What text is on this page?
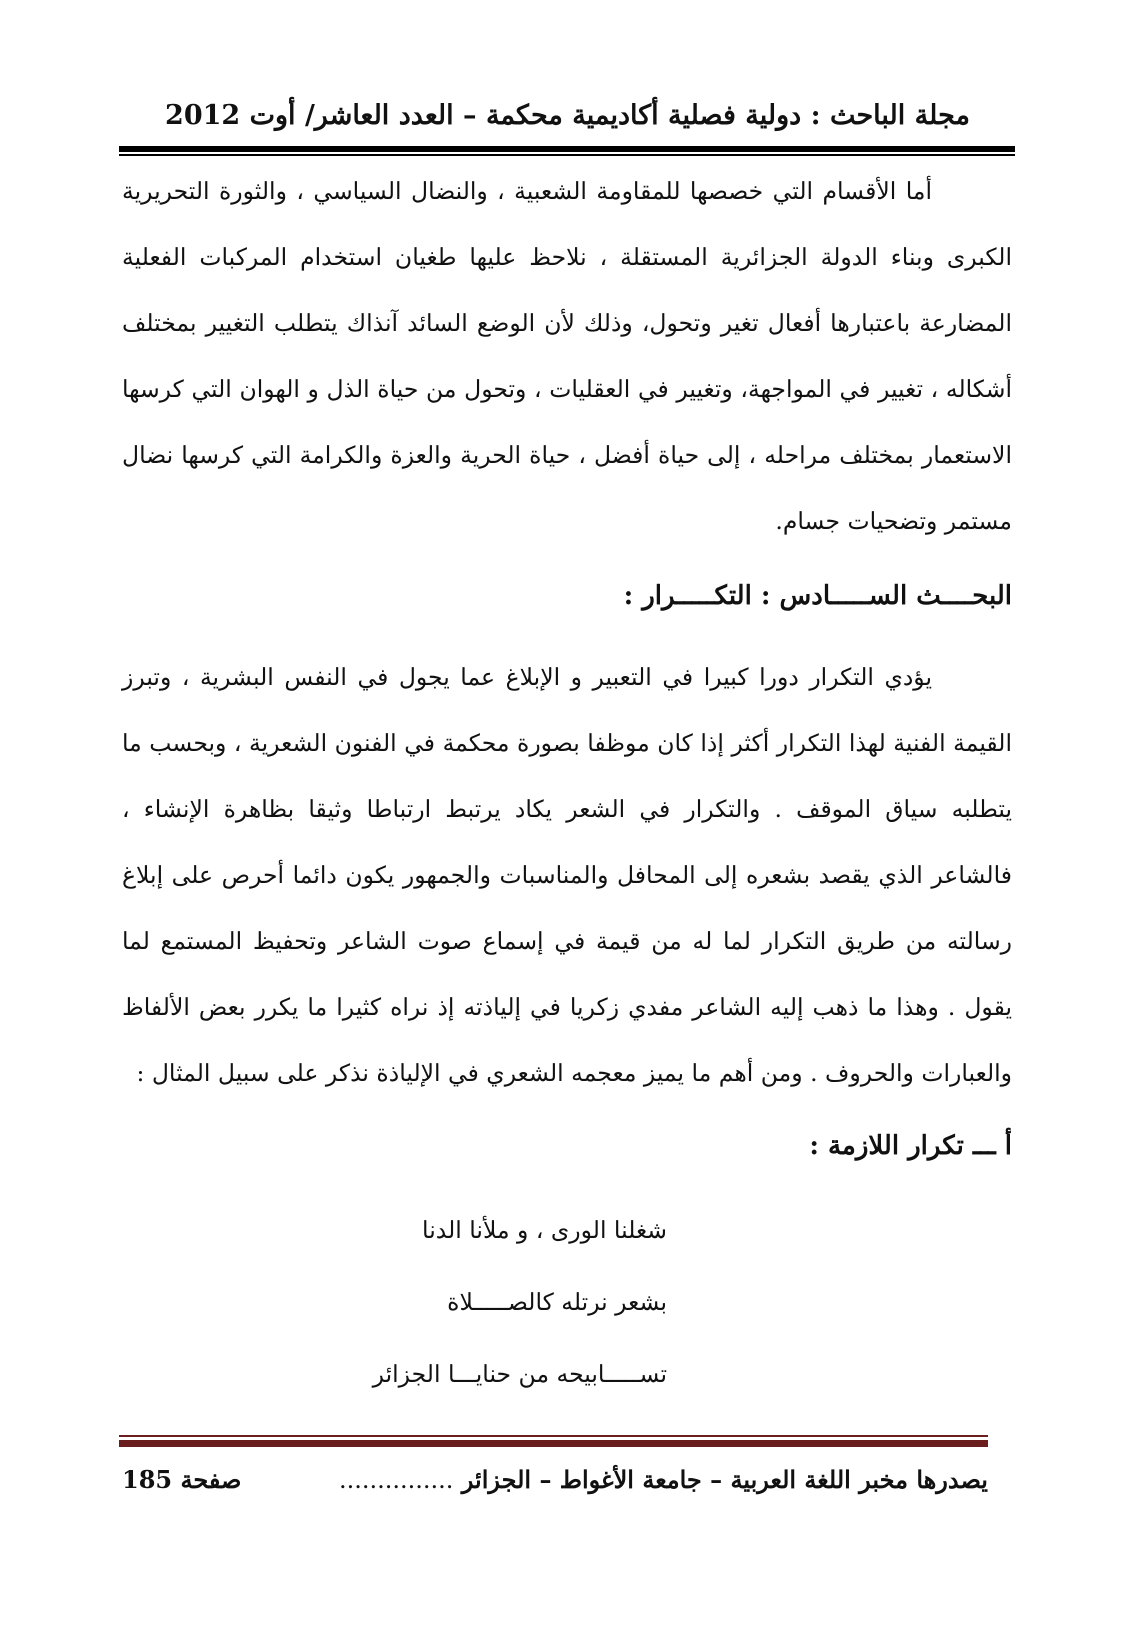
مجلة الباحث : دولية فصلية أكاديمية محكمة – العدد العاشر/ أوت 2012

أما الأقسام التي خصصها للمقاومة الشعبية ، والنضال السياسي ، والثورة التحريرية الكبرى وبناء الدولة الجزائرية المستقلة ، نلاحظ عليها طغيان استخدام المركبات الفعلية المضارعة باعتبارها أفعال تغير وتحول، وذلك لأن الوضع السائد آنذاك يتطلب التغيير بمختلف أشكاله ، تغيير في المواجهة، وتغيير في العقليات ، وتحول من حياة الذل و الهوان التي كرسها الاستعمار بمختلف مراحله ، إلى حياة أفضل ، حياة الحرية والعزة والكرامة التي كرسها نضال مستمر وتضحيات جسام.

البحــــث الســـــادس : التكـــــرار :

يؤدي التكرار دورا كبيرا في التعبير و الإبلاغ عما يجول في النفس البشرية ، وتبرز القيمة الفنية لهذا التكرار أكثر إذا كان موظفا بصورة محكمة في الفنون الشعرية ، وبحسب ما يتطلبه سياق الموقف . والتكرار في الشعر يكاد يرتبط ارتباطا وثيقا بظاهرة الإنشاء ، فالشاعر الذي يقصد بشعره إلى المحافل والمناسبات والجمهور يكون دائما أحرص على إبلاغ رسالته من طريق التكرار لما له من قيمة في إسماع صوت الشاعر وتحفيظ المستمع لما يقول . وهذا ما ذهب إليه الشاعر مفدي زكريا في إلياذته إذ نراه كثيرا ما يكرر بعض الألفاظ والعبارات والحروف . ومن أهم ما يميز معجمه الشعري في الإلياذة نذكر على سبيل المثال :

أ ـــ تكرار اللازمة :
شغلنا الورى ، و ملأنا الدنا
بشعر نرتله كالصـــــلاة
تســـــابيحه من حنايـــا الجزائر
يصدرها مخبر اللغة العربية – جامعة الأغواط – الجزائر ...............
صفحة 185
